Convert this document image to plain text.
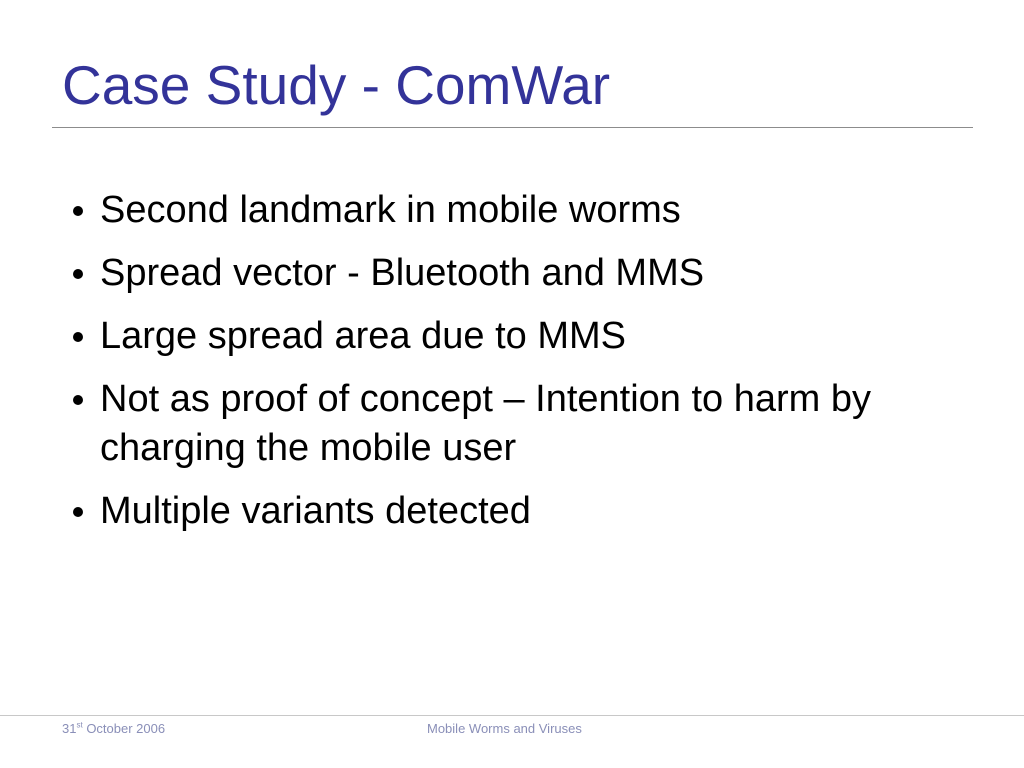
Case Study - ComWar
Second landmark in mobile worms
Spread vector - Bluetooth and MMS
Large spread area due to MMS
Not as proof of concept – Intention to harm by charging the mobile user
Multiple variants detected
31st October 2006	Mobile Worms and Viruses
